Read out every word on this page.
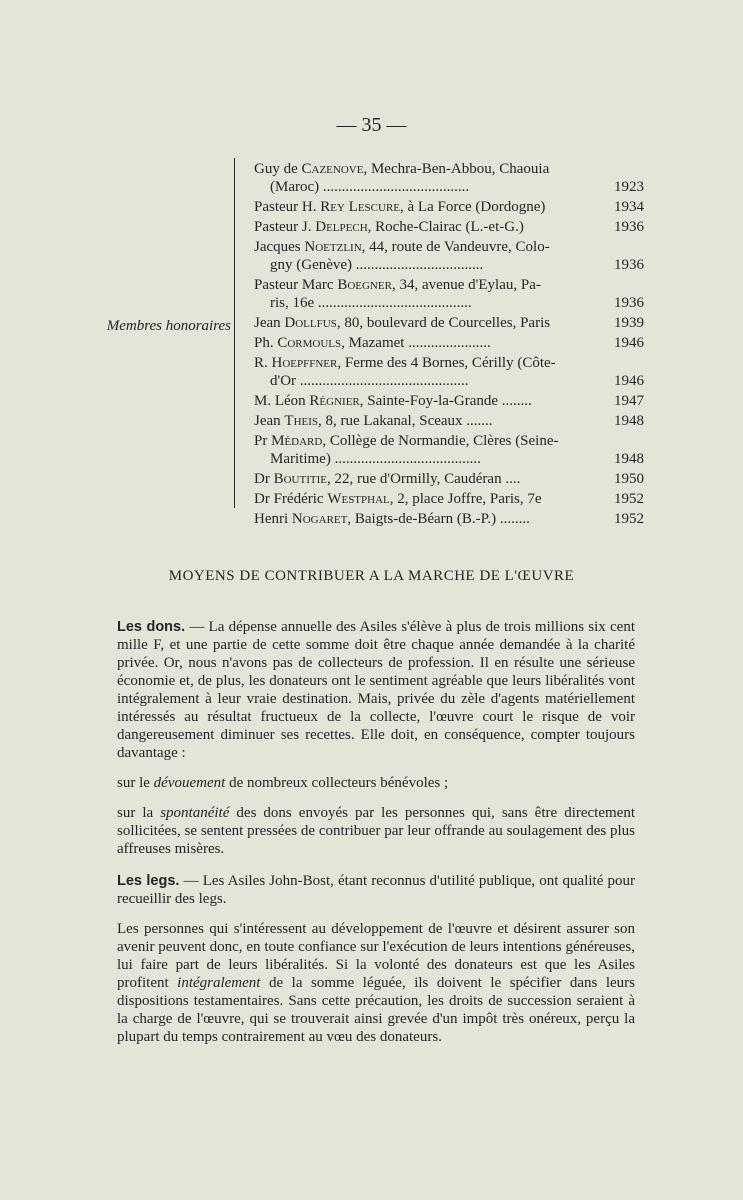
— 35 —
Membres honoraires
Guy de Cazenove, Mechra-Ben-Abbou, Chaouia
(Maroc) .......................................	1923
Pasteur H. Rey Lescure, à La Force (Dordogne)	1934
Pasteur J. Delpech, Roche-Clairac (L.-et-G.)	1936
Jacques Noetzlin, 44, route de Vandeuvre, Colo-
gny (Genève) ..................................	1936
Pasteur Marc Boegner, 34, avenue d'Eylau, Pa-
ris, 16e .........................................	1936
Jean Dollfus, 80, boulevard de Courcelles, Paris	1939
Ph. Cormouls, Mazamet ......................	1946
R. Hoepffner, Ferme des 4 Bornes, Cérilly (Côte-
d'Or .............................................	1946
M. Léon Régnier, Sainte-Foy-la-Grande ........	1947
Jean Theis, 8, rue Lakanal, Sceaux .......	1948
Pr Médard, Collège de Normandie, Clères (Seine-
Maritime) .......................................	1948
Dr Boutitie, 22, rue d'Ormilly, Caudéran ....	1950
Dr Frédéric Westphal, 2, place Joffre, Paris, 7e	1952
Henri Nogaret, Baigts-de-Béarn (B.-P.) ........	1952
MOYENS DE CONTRIBUER A LA MARCHE DE L'ŒUVRE

Les dons. — La dépense annuelle des Asiles s'élève à plus de trois millions six cent mille F, et une partie de cette somme doit être chaque année demandée à la charité privée. Or, nous n'avons pas de collecteurs de profession. Il en résulte une sérieuse économie et, de plus, les donateurs ont le sentiment agréable que leurs libéralités vont intégralement à leur vraie destination. Mais, privée du zèle d'agents matériellement intéressés au résultat fructueux de la collecte, l'œuvre court le risque de voir dangereusement diminuer ses recettes. Elle doit, en conséquence, compter toujours davantage :

sur le dévouement de nombreux collecteurs bénévoles ;

sur la spontanéité des dons envoyés par les personnes qui, sans être directement sollicitées, se sentent pressées de contribuer par leur offrande au soulagement des plus affreuses misères.

Les legs. — Les Asiles John-Bost, étant reconnus d'utilité publique, ont qualité pour recueillir des legs.

Les personnes qui s'intéressent au développement de l'œuvre et désirent assurer son avenir peuvent donc, en toute confiance sur l'exécution de leurs intentions généreuses, lui faire part de leurs libéralités. Si la volonté des donateurs est que les Asiles profitent intégralement de la somme léguée, ils doivent le spécifier dans leurs dispositions testamentaires. Sans cette précaution, les droits de succession seraient à la charge de l'œuvre, qui se trouverait ainsi grevée d'un impôt très onéreux, perçu la plupart du temps contrairement au vœu des donateurs.
